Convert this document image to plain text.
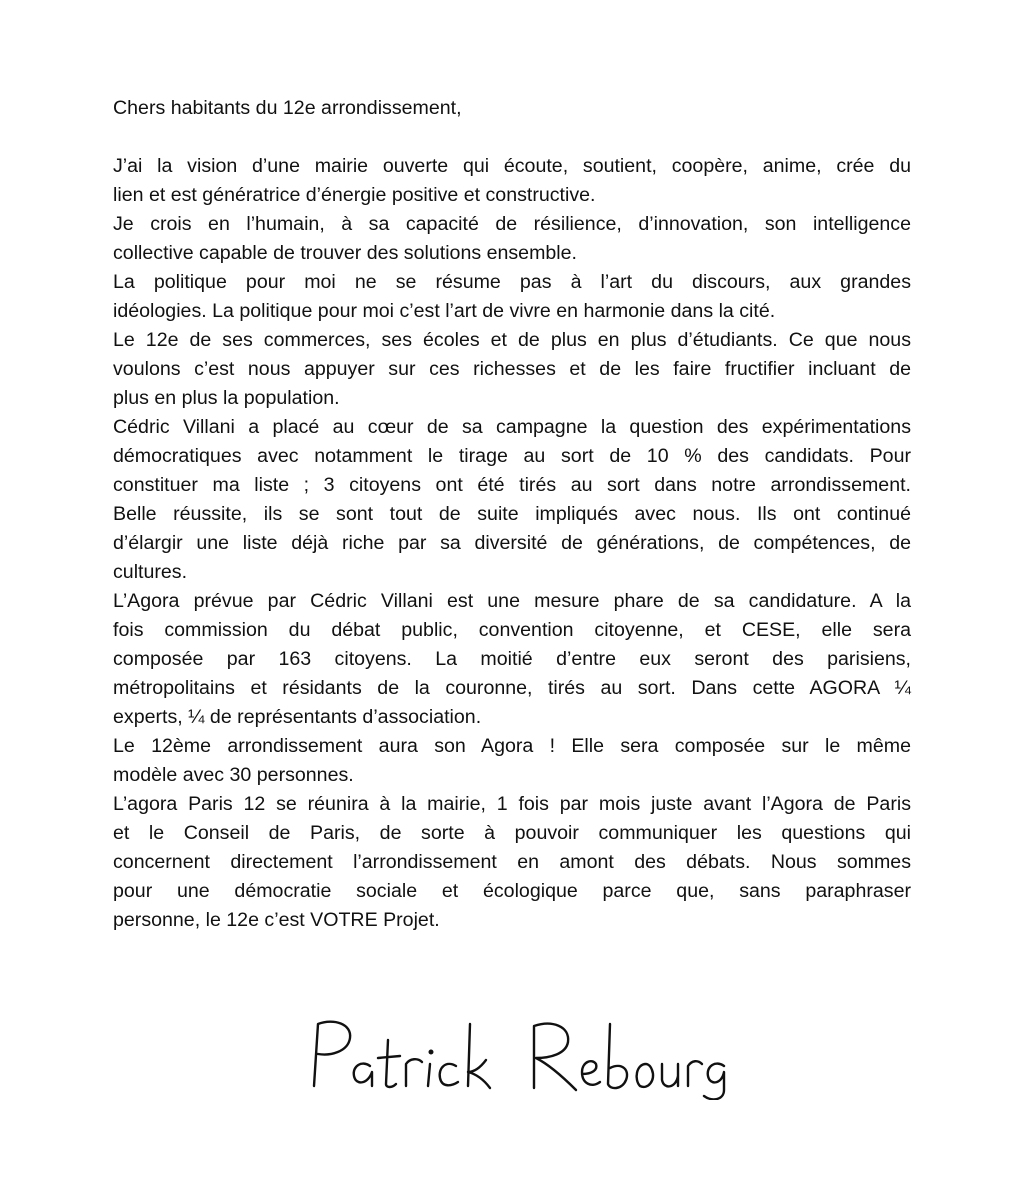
Chers habitants du 12e arrondissement,
J’ai la vision d’une mairie ouverte qui écoute, soutient, coopère, anime, crée du
lien et est génératrice d’énergie positive et constructive.
Je crois en l’humain, à sa capacité de résilience, d’innovation, son intelligence
collective capable de trouver des solutions ensemble.
La politique pour moi ne se résume pas à l’art du discours, aux grandes
idéologies. La politique pour moi c’est l’art de vivre en harmonie dans la cité.
Le 12e de ses commerces, ses écoles et de plus en plus d’étudiants. Ce que nous
voulons c’est nous appuyer sur ces richesses et de les faire fructifier incluant de
plus en plus la population.
Cédric Villani a placé au cœur de sa campagne la question des expérimentations
démocratiques avec notamment le tirage au sort de 10 % des candidats. Pour
constituer ma liste ; 3 citoyens ont été tirés au sort dans notre arrondissement.
Belle réussite, ils se sont tout de suite impliqués avec nous. Ils ont continué
d’élargir une liste déjà riche par sa diversité de générations, de compétences, de
cultures.
L’Agora prévue par Cédric Villani est une mesure phare de sa candidature. A la
fois commission du débat public, convention citoyenne, et CESE, elle sera
composée par 163 citoyens. La moitié d’entre eux seront des parisiens,
métropolitains et résidants de la couronne, tirés au sort. Dans cette AGORA ¼
experts, ¼ de représentants d’association.
Le 12ème arrondissement aura son Agora ! Elle sera composée sur le même
modèle avec 30 personnes.
L’agora Paris 12 se réunira à la mairie, 1 fois par mois juste avant l’Agora de Paris
et le Conseil de Paris, de sorte à pouvoir communiquer les questions qui
concernent directement l’arrondissement en amont des débats. Nous sommes
pour une démocratie sociale et écologique parce que, sans paraphraser
personne, le 12e c’est VOTRE Projet.
